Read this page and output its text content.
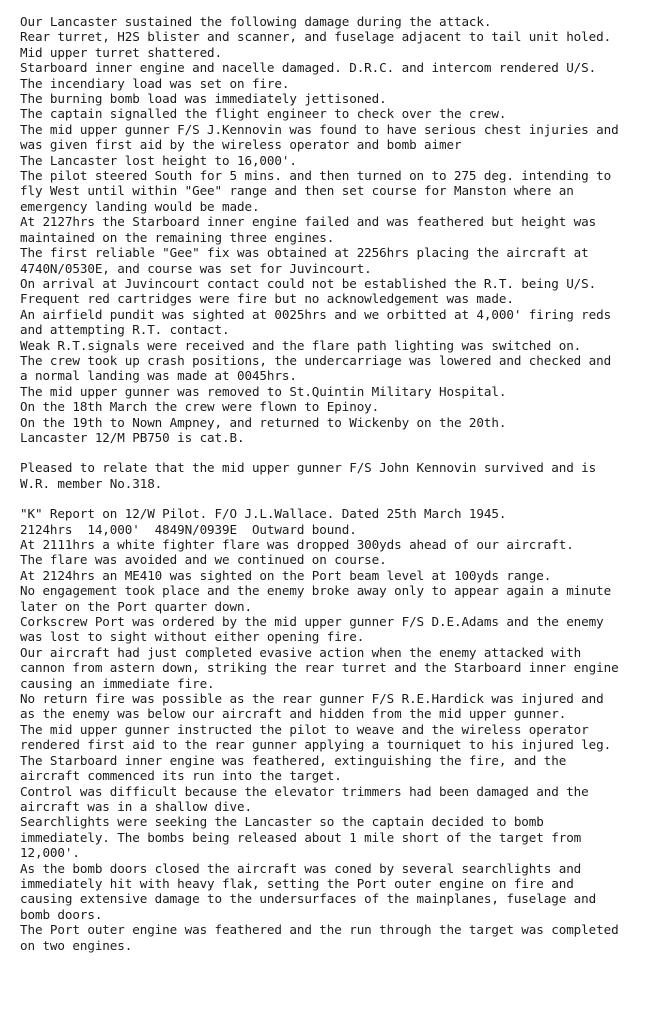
Our Lancaster sustained the following damage during the attack.
Rear turret, H2S blister and scanner, and fuselage adjacent to tail unit holed.
Mid upper turret shattered.
Starboard inner engine and nacelle damaged. D.R.C. and intercom rendered U/S.
The incendiary load was set on fire.
The burning bomb load was immediately jettisoned.
The captain signalled the flight engineer to check over the crew.
The mid upper gunner F/S J.Kennovin was found to have serious chest injuries and
was given first aid by the wireless operator and bomb aimer
The Lancaster lost height to 16,000'.
The pilot steered South for 5 mins. and then turned on to 275 deg. intending to
fly West until within "Gee" range and then set course for Manston where an
emergency landing would be made.
At 2127hrs the Starboard inner engine failed and was feathered but height was
maintained on the remaining three engines.
The first reliable "Gee" fix was obtained at 2256hrs placing the aircraft at
4740N/0530E, and course was set for Juvincourt.
On arrival at Juvincourt contact could not be established the R.T. being U/S.
Frequent red cartridges were fire but no acknowledgement was made.
An airfield pundit was sighted at 0025hrs and we orbitted at 4,000' firing reds
and attempting R.T. contact.
Weak R.T.signals were received and the flare path lighting was switched on.
The crew took up crash positions, the undercarriage was lowered and checked and
a normal landing was made at 0045hrs.
The mid upper gunner was removed to St.Quintin Military Hospital.
On the 18th March the crew were flown to Epinoy.
On the 19th to Nown Ampney, and returned to Wickenby on the 20th.
Lancaster 12/M PB750 is cat.B.
Pleased to relate that the mid upper gunner F/S John Kennovin survived and is
W.R. member No.318.
"K" Report on 12/W Pilot. F/O J.L.Wallace. Dated 25th March 1945.
2124hrs  14,000'  4849N/0939E  Outward bound.
At 2111hrs a white fighter flare was dropped 300yds ahead of our aircraft.
The flare was avoided and we continued on course.
At 2124hrs an ME410 was sighted on the Port beam level at 100yds range.
No engagement took place and the enemy broke away only to appear again a minute
later on the Port quarter down.
Corkscrew Port was ordered by the mid upper gunner F/S D.E.Adams and the enemy
was lost to sight without either opening fire.
Our aircraft had just completed evasive action when the enemy attacked with
cannon from astern down, striking the rear turret and the Starboard inner engine
causing an immediate fire.
No return fire was possible as the rear gunner F/S R.E.Hardick was injured and
as the enemy was below our aircraft and hidden from the mid upper gunner.
The mid upper gunner instructed the pilot to weave and the wireless operator
rendered first aid to the rear gunner applying a tourniquet to his injured leg.
The Starboard inner engine was feathered, extinguishing the fire, and the
aircraft commenced its run into the target.
Control was difficult because the elevator trimmers had been damaged and the
aircraft was in a shallow dive.
Searchlights were seeking the Lancaster so the captain decided to bomb
immediately. The bombs being released about 1 mile short of the target from
12,000'.
As the bomb doors closed the aircraft was coned by several searchlights and
immediately hit with heavy flak, setting the Port outer engine on fire and
causing extensive damage to the undersurfaces of the mainplanes, fuselage and
bomb doors.
The Port outer engine was feathered and the run through the target was completed
on two engines.
